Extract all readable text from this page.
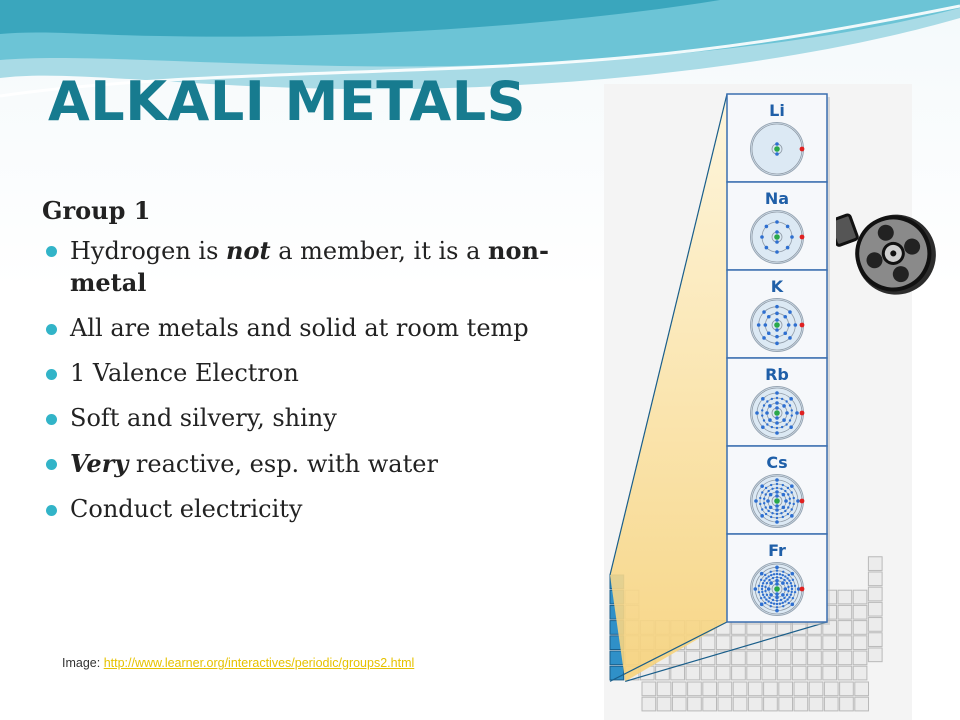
ALKALI METALS

Group 1

Hydrogen is not a member, it is a non-metal
All are metals and solid at room temp
1 Valence Electron
Soft and silvery, shiny
Very reactive, esp. with water
Conduct electricity
Li
Na
K
Rb
Cs
Fr
Image: http://www.learner.org/interactives/periodic/groups2.html
